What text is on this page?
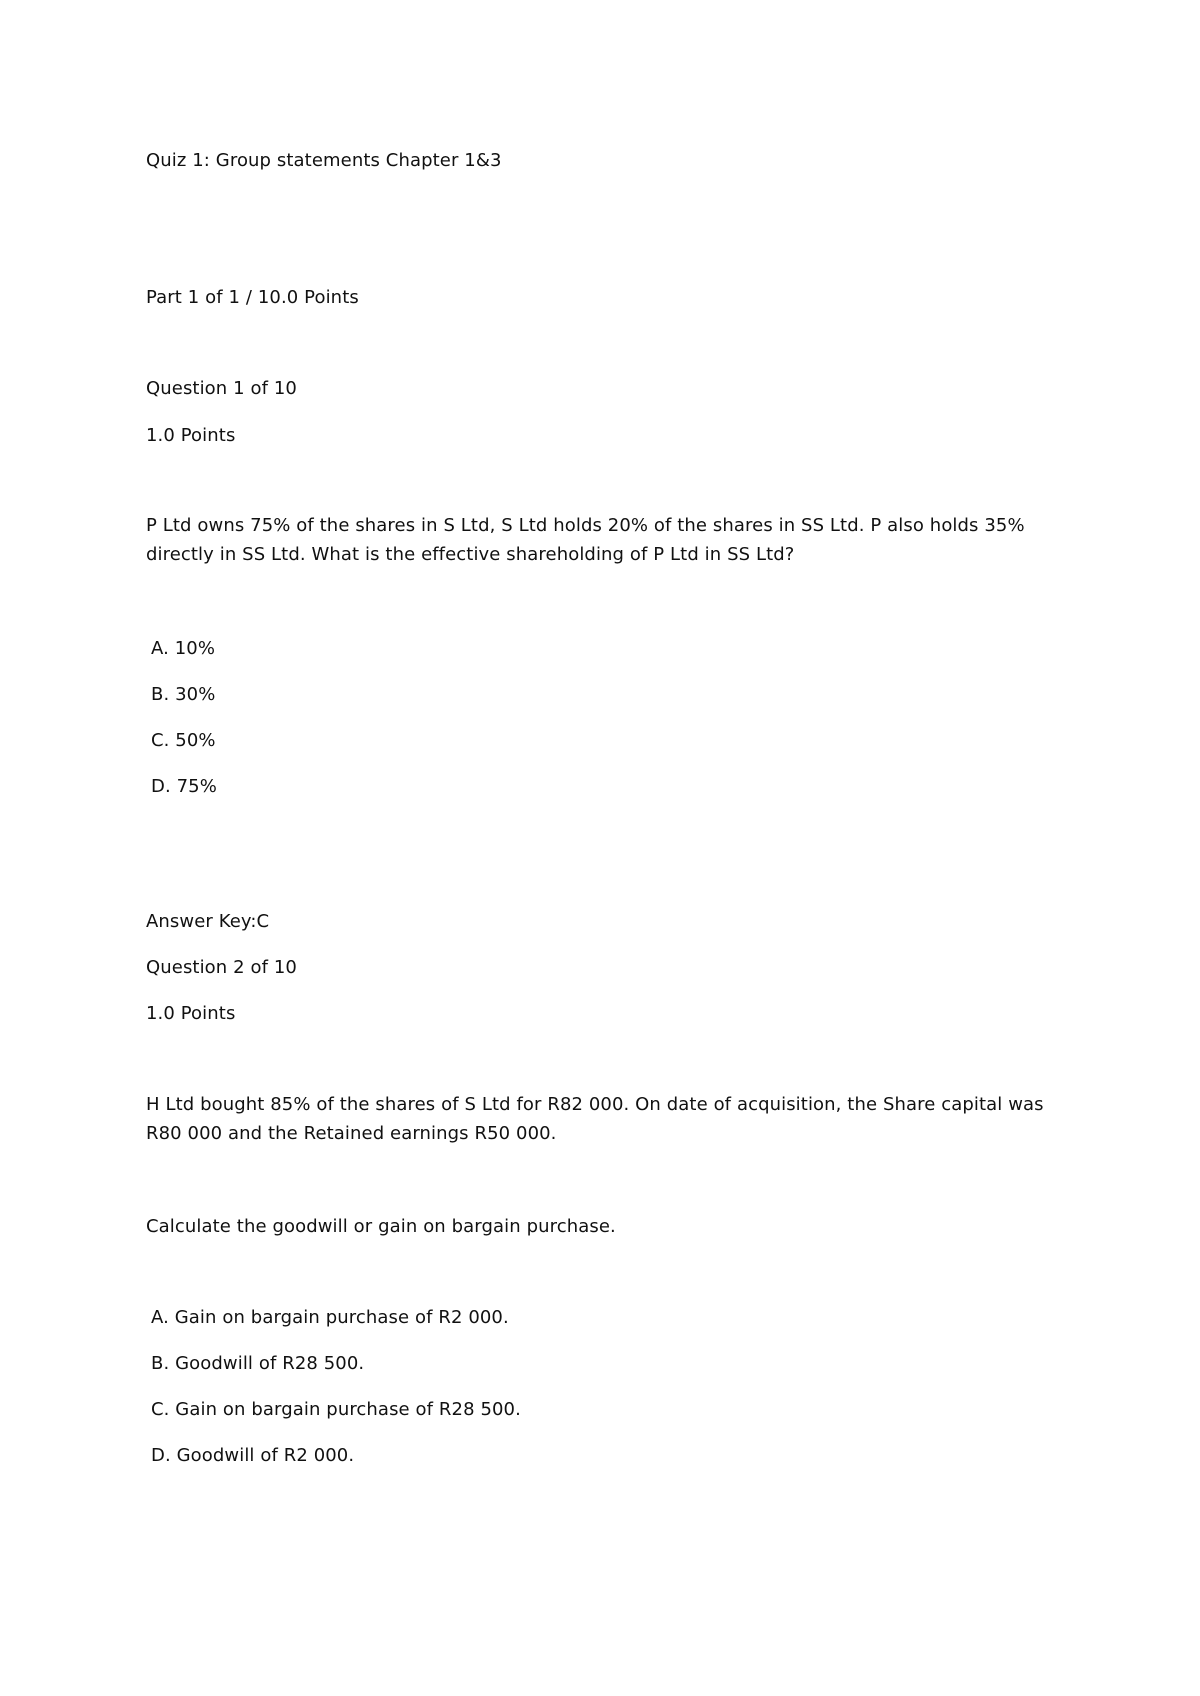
Quiz 1: Group statements Chapter 1&3

Part 1 of 1 / 10.0 Points

Question 1 of 10

1.0 Points

P Ltd owns 75% of the shares in S Ltd, S Ltd holds 20% of the shares in SS Ltd. P also holds 35% directly in SS Ltd. What is the effective shareholding of P Ltd in SS Ltd?

A. 10%

B. 30%

C. 50%

D. 75%

Answer Key:C

Question 2 of 10

1.0 Points

H Ltd bought 85% of the shares of S Ltd for R82 000. On date of acquisition, the Share capital was R80 000 and the Retained earnings R50 000.

Calculate the goodwill or gain on bargain purchase.

A. Gain on bargain purchase of R2 000.

B. Goodwill of R28 500.

C. Gain on bargain purchase of R28 500.

D. Goodwill of R2 000.
